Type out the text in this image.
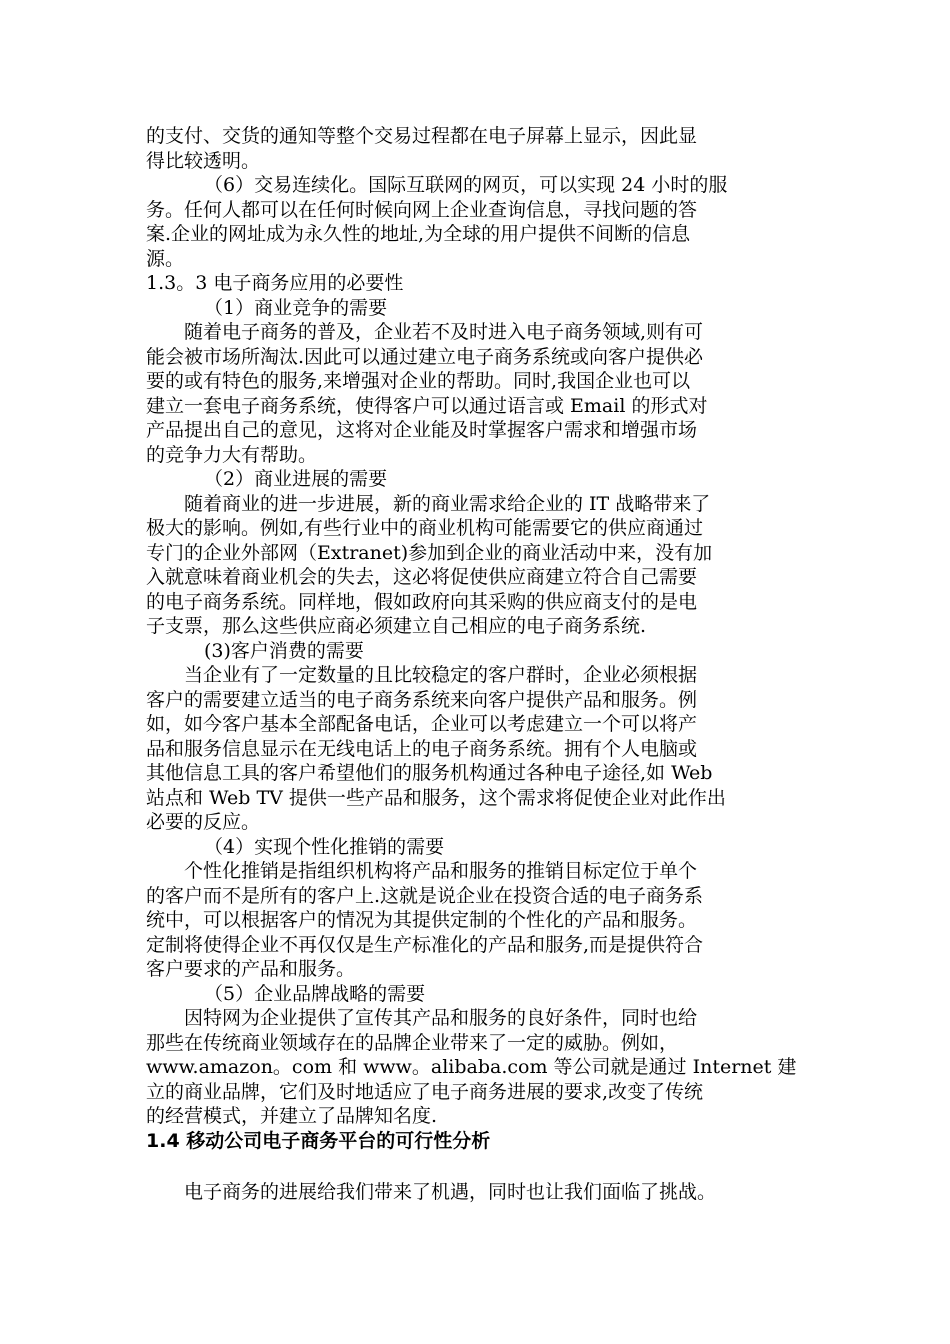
的支付、交货的通知等整个交易过程都在电子屏幕上显示，因此显

得比较透明。

（6）交易连续化。国际互联网的网页，可以实现 24 小时的服

务。任何人都可以在任何时候向网上企业查询信息，寻找问题的答

案.企业的网址成为永久性的地址,为全球的用户提供不间断的信息

源。

1.3。3 电子商务应用的必要性

（1）商业竞争的需要

随着电子商务的普及，企业若不及时进入电子商务领域,则有可

能会被市场所淘汰.因此可以通过建立电子商务系统或向客户提供必

要的或有特色的服务,来增强对企业的帮助。同时,我国企业也可以

建立一套电子商务系统，使得客户可以通过语言或 Email 的形式对

产品提出自己的意见，这将对企业能及时掌握客户需求和增强市场

的竞争力大有帮助。

（2）商业进展的需要

随着商业的进一步进展，新的商业需求给企业的 IT 战略带来了

极大的影响。例如,有些行业中的商业机构可能需要它的供应商通过

专门的企业外部网（Extranet)参加到企业的商业活动中来，没有加

入就意味着商业机会的失去，这必将促使供应商建立符合自己需要

的电子商务系统。同样地，假如政府向其采购的供应商支付的是电

子支票，那么这些供应商必须建立自己相应的电子商务系统.

(3)客户消费的需要

当企业有了一定数量的且比较稳定的客户群时，企业必须根据

客户的需要建立适当的电子商务系统来向客户提供产品和服务。例

如，如今客户基本全部配备电话，企业可以考虑建立一个可以将产

品和服务信息显示在无线电话上的电子商务系统。拥有个人电脑或

其他信息工具的客户希望他们的服务机构通过各种电子途径,如 Web

站点和 Web TV 提供一些产品和服务，这个需求将促使企业对此作出

必要的反应。

（4）实现个性化推销的需要

个性化推销是指组织机构将产品和服务的推销目标定位于单个

的客户而不是所有的客户上.这就是说企业在投资合适的电子商务系

统中，可以根据客户的情况为其提供定制的个性化的产品和服务。

定制将使得企业不再仅仅是生产标准化的产品和服务,而是提供符合

客户要求的产品和服务。

（5）企业品牌战略的需要

因特网为企业提供了宣传其产品和服务的良好条件，同时也给

那些在传统商业领域存在的品牌企业带来了一定的威胁。例如，

www.amazon。com 和 www。alibaba.com 等公司就是通过 Internet 建

立的商业品牌，它们及时地适应了电子商务进展的要求,改变了传统

的经营模式，并建立了品牌知名度.

1.4 移动公司电子商务平台的可行性分析

电子商务的进展给我们带来了机遇，同时也让我们面临了挑战。
